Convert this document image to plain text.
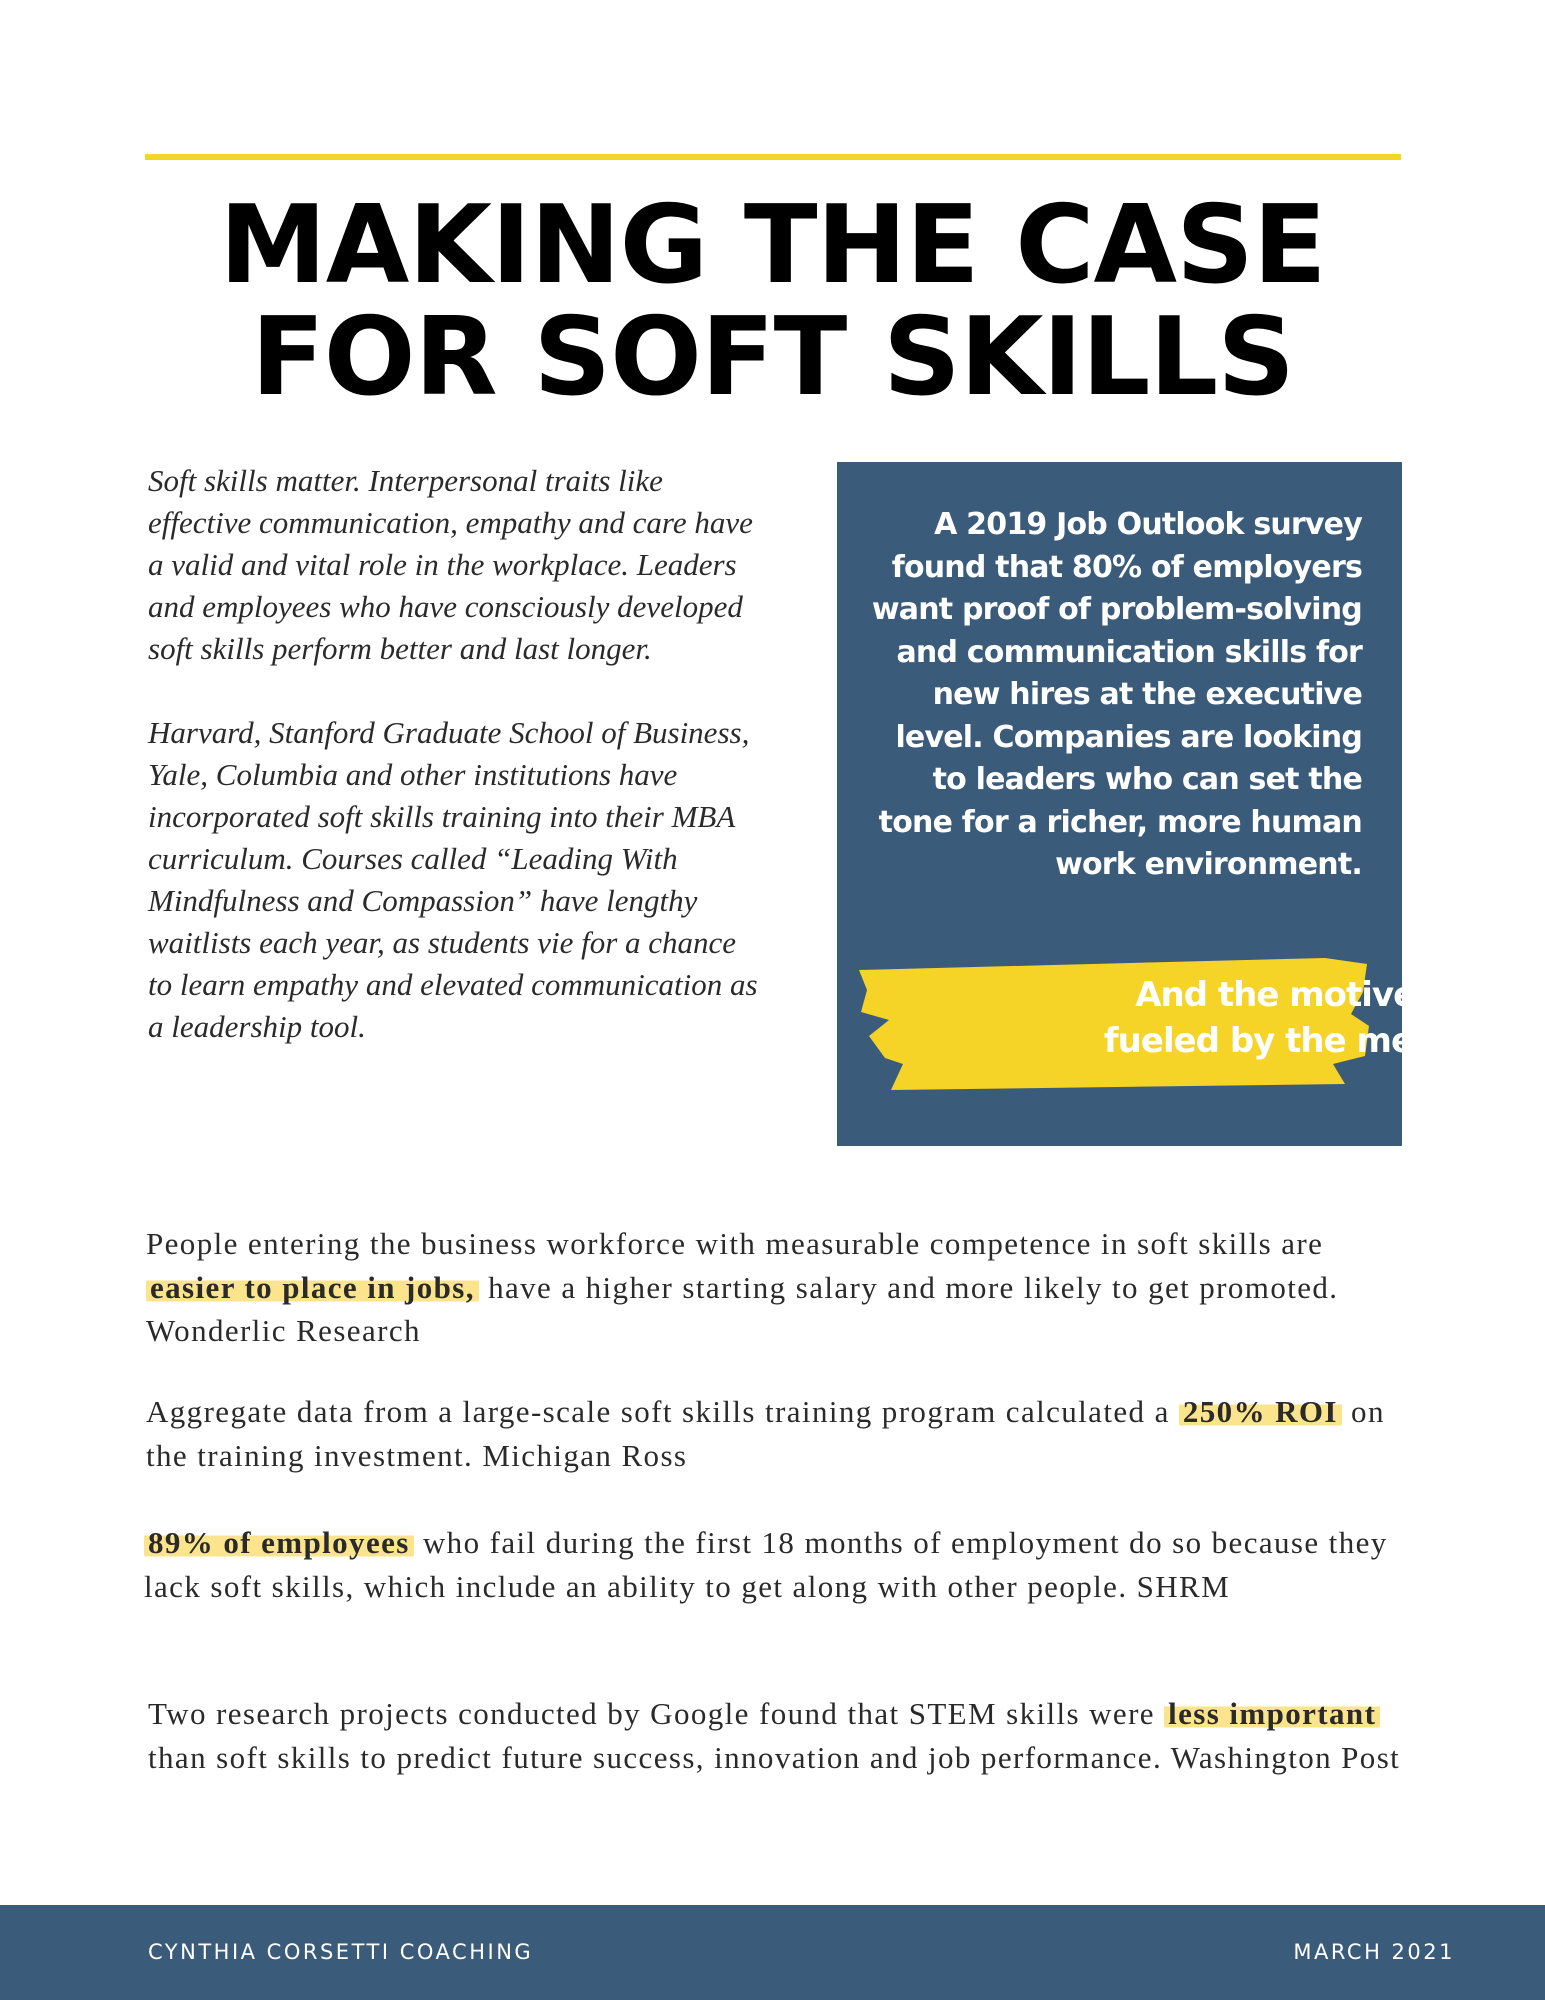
MAKING THE CASE
FOR SOFT SKILLS

Soft skills matter. Interpersonal traits like effective communication, empathy and care have a valid and vital role in the workplace. Leaders and employees who have consciously developed soft skills perform better and last longer.

Harvard, Stanford Graduate School of Business, Yale, Columbia and other institutions have incorporated soft skills training into their MBA curriculum. Courses called “Leading With Mindfulness and Compassion” have lengthy waitlists each year, as students vie for a chance to learn empathy and elevated communication as a leadership tool.

A 2019 Job Outlook survey found that 80% of employers want proof of problem-solving and communication skills for new hires at the executive level. Companies are looking to leaders who can set the tone for a richer, more human work environment.

And the motives are fueled by the metrics.

People entering the business workforce with measurable competence in soft skills are easier to place in jobs, have a higher starting salary and more likely to get promoted. Wonderlic Research

Aggregate data from a large-scale soft skills training program calculated a 250% ROI on the training investment. Michigan Ross

89% of employees who fail during the first 18 months of employment do so because they lack soft skills, which include an ability to get along with other people. SHRM

Two research projects conducted by Google found that STEM skills were less important than soft skills to predict future success, innovation and job performance. Washington Post

CYNTHIA CORSETTI COACHING	MARCH 2021
